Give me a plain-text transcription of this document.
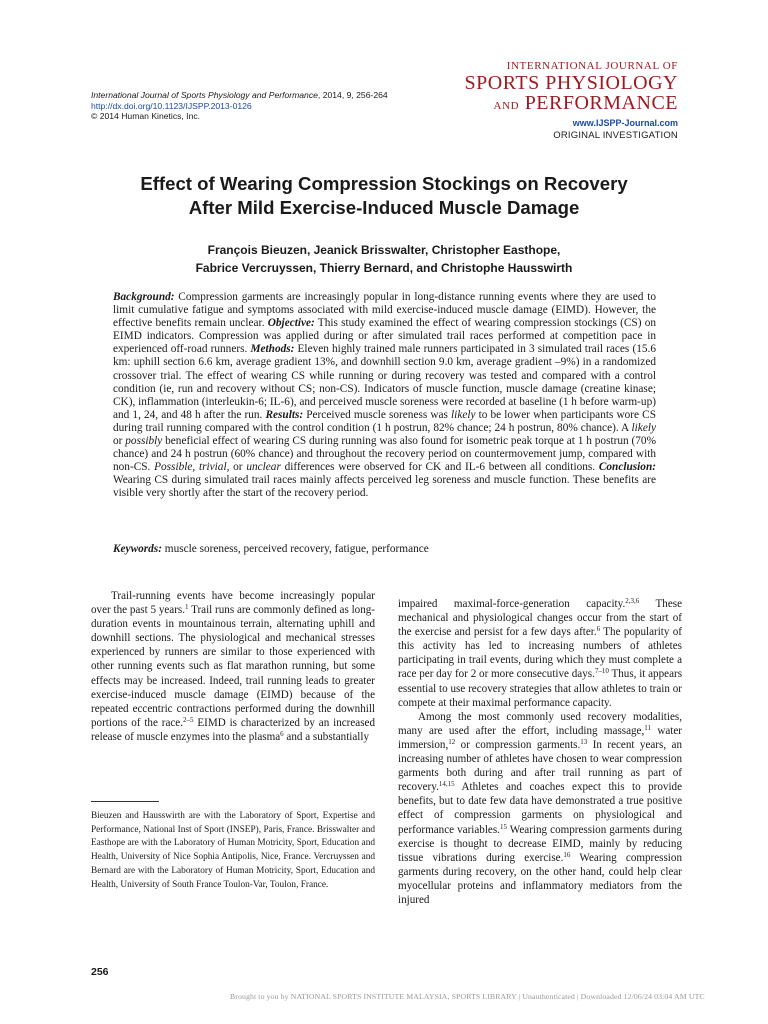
International Journal of Sports Physiology and Performance, 2014, 9, 256-264
http://dx.doi.org/10.1123/IJSPP.2013-0126
© 2014 Human Kinetics, Inc.
INTERNATIONAL JOURNAL OF
SPORTS PHYSIOLOGY
AND PERFORMANCE
www.IJSPP-Journal.com
ORIGINAL INVESTIGATION
Effect of Wearing Compression Stockings on Recovery
After Mild Exercise-Induced Muscle Damage
François Bieuzen, Jeanick Brisswalter, Christopher Easthope,
Fabrice Vercruyssen, Thierry Bernard, and Christophe Hausswirth

Background: Compression garments are increasingly popular in long-distance running events where they are used to limit cumulative fatigue and symptoms associated with mild exercise-induced muscle damage (EIMD). However, the effective benefits remain unclear. Objective: This study examined the effect of wearing compression stockings (CS) on EIMD indicators. Compression was applied during or after simulated trail races performed at competition pace in experienced off-road runners. Methods: Eleven highly trained male runners participated in 3 simulated trail races (15.6 km: uphill section 6.6 km, average gradient 13%, and downhill section 9.0 km, average gradient –9%) in a randomized crossover trial. The effect of wearing CS while running or during recovery was tested and compared with a control condition (ie, run and recovery without CS; non-CS). Indicators of muscle function, muscle damage (creatine kinase; CK), inflammation (interleukin-6; IL-6), and perceived muscle soreness were recorded at baseline (1 h before warm-up) and 1, 24, and 48 h after the run. Results: Perceived muscle soreness was likely to be lower when participants wore CS during trail running compared with the control condition (1 h postrun, 82% chance; 24 h postrun, 80% chance). A likely or possibly beneficial effect of wearing CS during running was also found for isometric peak torque at 1 h postrun (70% chance) and 24 h postrun (60% chance) and throughout the recovery period on countermovement jump, compared with non-CS. Possible, trivial, or unclear differences were observed for CK and IL-6 between all conditions. Conclusion: Wearing CS during simulated trail races mainly affects perceived leg soreness and muscle function. These benefits are visible very shortly after the start of the recovery period.

Keywords: muscle soreness, perceived recovery, fatigue, performance

Trail-running events have become increasingly popular over the past 5 years.$^1$ Trail runs are commonly defined as long-duration events in mountainous terrain, alternating uphill and downhill sections. The physiological and mechanical stresses experienced by runners are similar to those experienced with other running events such as flat marathon running, but some effects may be increased. Indeed, trail running leads to greater exercise-induced muscle damage (EIMD) because of the repeated eccentric contractions performed during the downhill portions of the race.$^{2-5}$ EIMD is characterized by an increased release of muscle enzymes into the plasma$^6$ and a substantially

impaired maximal-force-generation capacity.$^{2,3,6}$ These mechanical and physiological changes occur from the start of the exercise and persist for a few days after.$^6$ The popularity of this activity has led to increasing numbers of athletes participating in trail events, during which they must complete a race per day for 2 or more consecutive days.$^{7-10}$ Thus, it appears essential to use recovery strategies that allow athletes to train or compete at their maximal performance capacity.

Among the most commonly used recovery modalities, many are used after the effort, including massage,$^{11}$ water immersion,$^{12}$ or compression garments.$^{13}$ In recent years, an increasing number of athletes have chosen to wear compression garments both during and after trail running as part of recovery.$^{14,15}$ Athletes and coaches expect this to provide benefits, but to date few data have demonstrated a true positive effect of compression garments on physiological and performance variables.$^{15}$ Wearing compression garments during exercise is thought to decrease EIMD, mainly by reducing tissue vibrations during exercise.$^{16}$ Wearing compression garments during recovery, on the other hand, could help clear myocellular proteins and inflammatory mediators from the injured

Bieuzen and Hausswirth are with the Laboratory of Sport, Expertise and Performance, National Inst of Sport (INSEP), Paris, France. Brisswalter and Easthope are with the Laboratory of Human Motricity, Sport, Education and Health, University of Nice Sophia Antipolis, Nice, France. Vercruyssen and Bernard are with the Laboratory of Human Motricity, Sport, Education and Health, University of South France Toulon-Var, Toulon, France.
256
Brought to you by NATIONAL SPORTS INSTITUTE MALAYSIA, SPORTS LIBRARY | Unauthenticated | Downloaded 12/06/24 03:04 AM UTC
